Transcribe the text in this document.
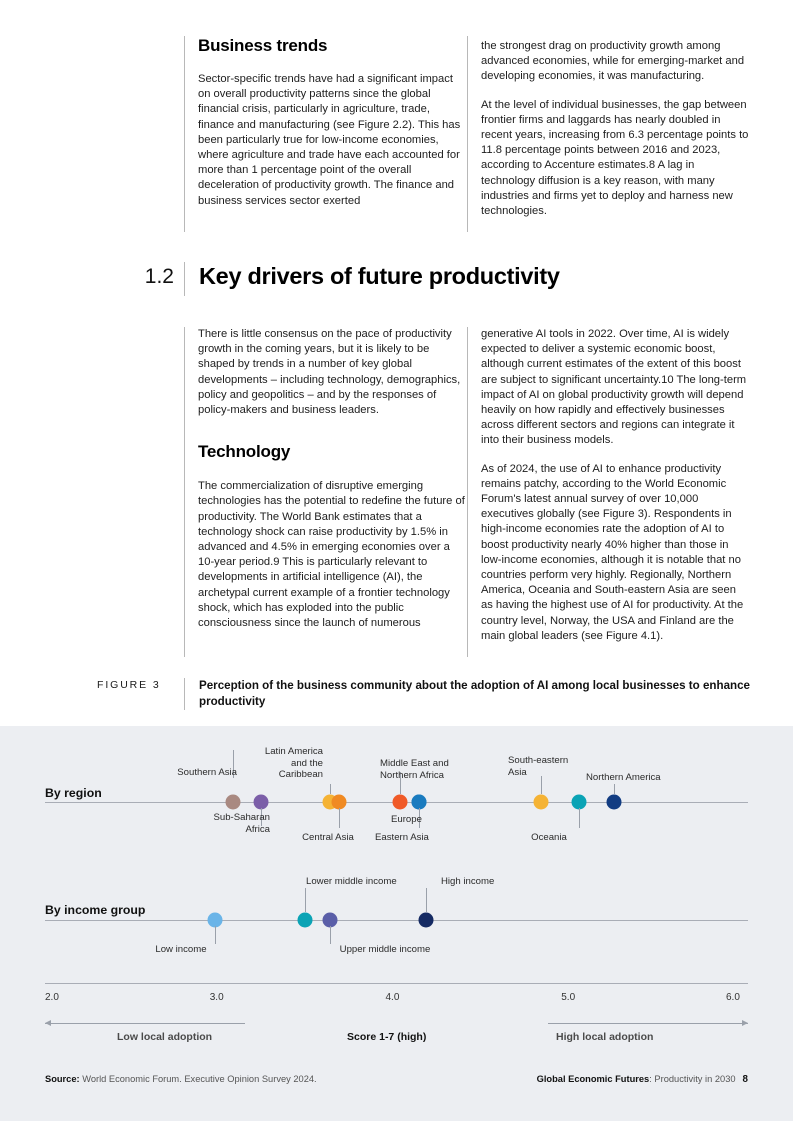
Business trends

Sector-specific trends have had a significant impact on overall productivity patterns since the global financial crisis, particularly in agriculture, trade, finance and manufacturing (see Figure 2.2). This has been particularly true for low-income economies, where agriculture and trade have each accounted for more than 1 percentage point of the overall deceleration of productivity growth. The finance and business services sector exerted

the strongest drag on productivity growth among advanced economies, while for emerging-market and developing economies, it was manufacturing.

At the level of individual businesses, the gap between frontier firms and laggards has nearly doubled in recent years, increasing from 6.3 percentage points to 11.8 percentage points between 2016 and 2023, according to Accenture estimates.8 A lag in technology diffusion is a key reason, with many industries and firms yet to deploy and harness new technologies.

1.2 Key drivers of future productivity

There is little consensus on the pace of productivity growth in the coming years, but it is likely to be shaped by trends in a number of key global developments – including technology, demographics, policy and geopolitics – and by the responses of policy-makers and business leaders.

Technology

The commercialization of disruptive emerging technologies has the potential to redefine the future of productivity. The World Bank estimates that a technology shock can raise productivity by 1.5% in advanced and 4.5% in emerging economies over a 10-year period.9 This is particularly relevant to developments in artificial intelligence (AI), the archetypal current example of a frontier technology shock, which has exploded into the public consciousness since the launch of numerous

generative AI tools in 2022. Over time, AI is widely expected to deliver a systemic economic boost, although current estimates of the extent of this boost are subject to significant uncertainty.10 The long-term impact of AI on global productivity growth will depend heavily on how rapidly and effectively businesses across different sectors and regions can integrate it into their business models.

As of 2024, the use of AI to enhance productivity remains patchy, according to the World Economic Forum's latest annual survey of over 10,000 executives globally (see Figure 3). Respondents in high-income economies rate the adoption of AI to boost productivity nearly 40% higher than those in low-income economies, although it is notable that no countries perform very highly. Regionally, Northern America, Oceania and South-eastern Asia are seen as having the highest use of AI for productivity. At the country level, Norway, the USA and Finland are the main global leaders (see Figure 4.1).

FIGURE 3	Perception of the business community about the adoption of AI among local businesses to enhance productivity
By region
By income group
Southern Asia
Sub-Saharan Africa
Latin America and the Caribbean
Central Asia
Middle East and Northern Africa
Eastern Asia
Europe
South-eastern Asia
Oceania
Northern America
Low income
Lower middle income
Upper middle income
High income
2.0	3.0	4.0	5.0	6.0
Low local adoption	Score 1-7 (high)	High local adoption
Source: World Economic Forum. Executive Opinion Survey 2024.	Global Economic Futures: Productivity in 2030 8
